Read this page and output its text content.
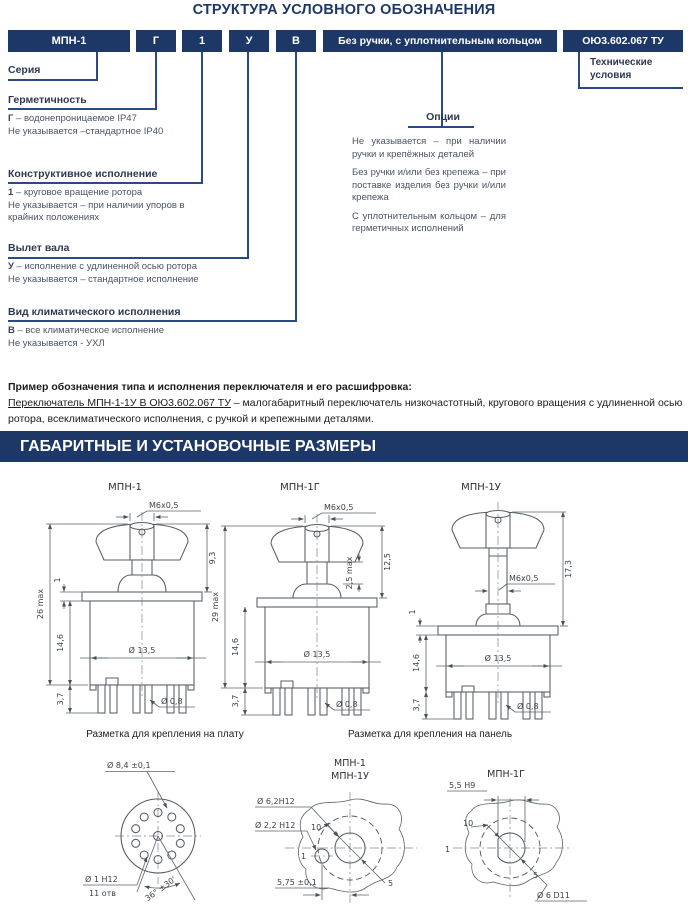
СТРУКТУРА УСЛОВНОГО ОБОЗНАЧЕНИЯ
МПН-1	Г	1	У	В	Без ручки, с уплотнительным кольцом	ОЮ3.602.067 ТУ
Серия
Герметичность
Г – водонепроницаемое IP47
Не указывается –стандартное IP40
Конструктивное исполнение
1 – круговое вращение ротора
Не указывается – при наличии упоров в крайних положениях
Вылет вала
У – исполнение с удлиненной осью ротора
Не указывается – стандартное исполнение
Вид климатического исполнения
В – все климатическое исполнение
Не указывается - УХЛ
Опции

Не указывается – при наличии ручки и крепёжных деталей

Без ручки и/или без крепежа – при поставке изделия без ручки и/или крепежа

С уплотнительным кольцом – для герметичных исполнений

Технические
условия
Пример обозначения типа и исполнения переключателя и его расшифровка:
Переключатель МПН-1-1У В ОЮ3.602.067 ТУ – малогабаритный переключатель низкочастотный, кругового вращения с удлиненной осью ротора, всеклиматического исполнения, с ручкой и крепежными деталями.
ГАБАРИТНЫЕ И УСТАНОВОЧНЫЕ РАЗМЕРЫ
МПН-1	МПН-1Г	МПН-1У
26 max
1
14,6
3,7
9,3
M6x0,5
Ø 13,5
Ø 0,8
29 max
14,6
3,7
2,5 max	12,5
M6x0,5
Ø 13,5
Ø 0,8
1
14,6
3,7
17,3
M6x0,5
Ø 13,5
Ø 0,8
Разметка для крепления на плату	Разметка для крепления на панель
Ø 8,4 ±0,1
Ø 1 H12
11 отв	36° ±30'
МПН-1
МПН-1У
Ø 6,2H12
Ø 2,2 H12 10
1
5
5,75 ±0,1
МПН-1Г
5,5 H9
10
1
5
Ø 6 D11
